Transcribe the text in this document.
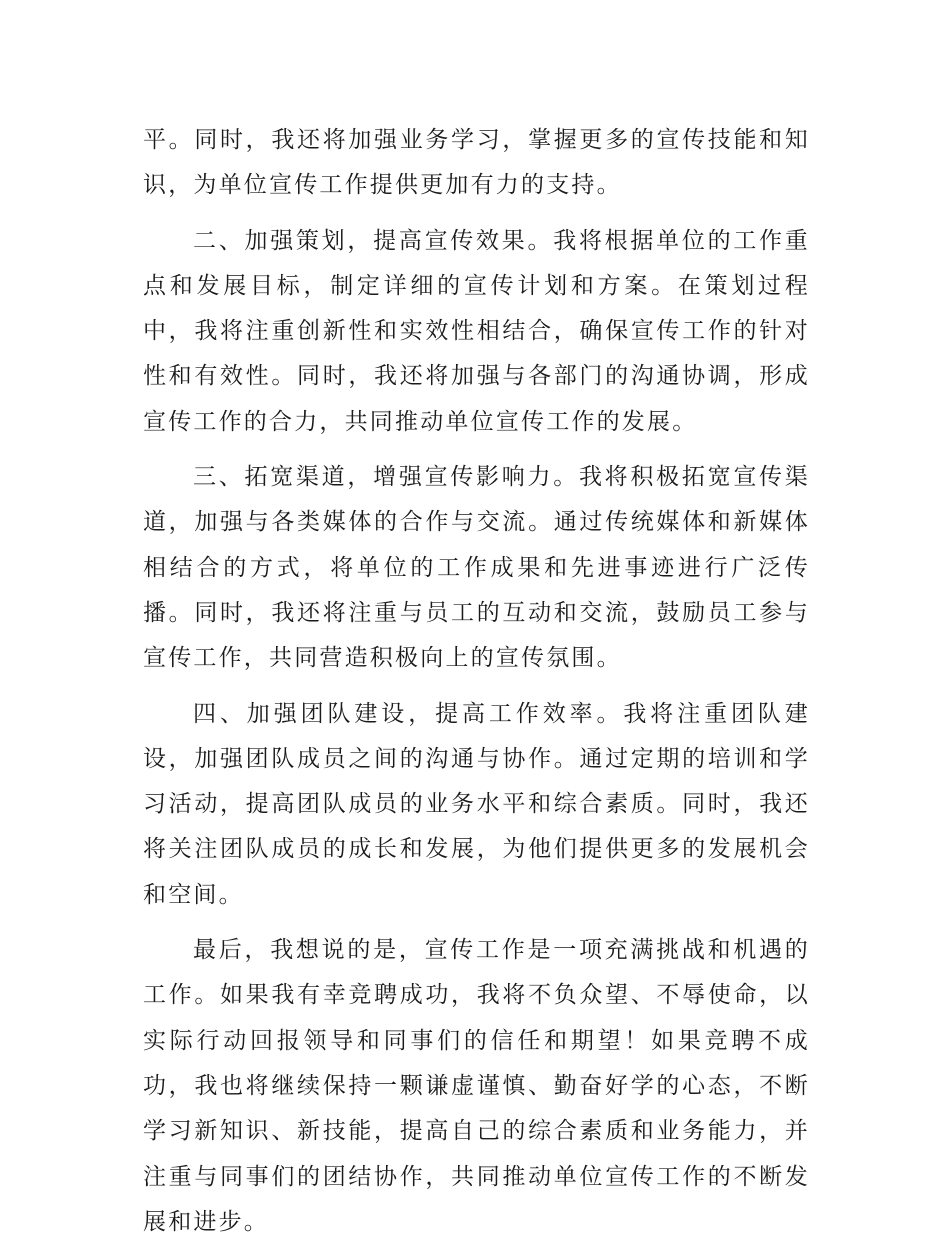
平。同时，我还将加强业务学习，掌握更多的宣传技能和知识，为单位宣传工作提供更加有力的支持。

二、加强策划，提高宣传效果。我将根据单位的工作重点和发展目标，制定详细的宣传计划和方案。在策划过程中，我将注重创新性和实效性相结合，确保宣传工作的针对性和有效性。同时，我还将加强与各部门的沟通协调，形成宣传工作的合力，共同推动单位宣传工作的发展。

三、拓宽渠道，增强宣传影响力。我将积极拓宽宣传渠道，加强与各类媒体的合作与交流。通过传统媒体和新媒体相结合的方式，将单位的工作成果和先进事迹进行广泛传播。同时，我还将注重与员工的互动和交流，鼓励员工参与宣传工作，共同营造积极向上的宣传氛围。

四、加强团队建设，提高工作效率。我将注重团队建设，加强团队成员之间的沟通与协作。通过定期的培训和学习活动，提高团队成员的业务水平和综合素质。同时，我还将关注团队成员的成长和发展，为他们提供更多的发展机会和空间。

最后，我想说的是，宣传工作是一项充满挑战和机遇的工作。如果我有幸竞聘成功，我将不负众望、不辱使命，以实际行动回报领导和同事们的信任和期望！如果竞聘不成功，我也将继续保持一颗谦虚谨慎、勤奋好学的心态，不断学习新知识、新技能，提高自己的综合素质和业务能力，并注重与同事们的团结协作，共同推动单位宣传工作的不断发展和进步。
